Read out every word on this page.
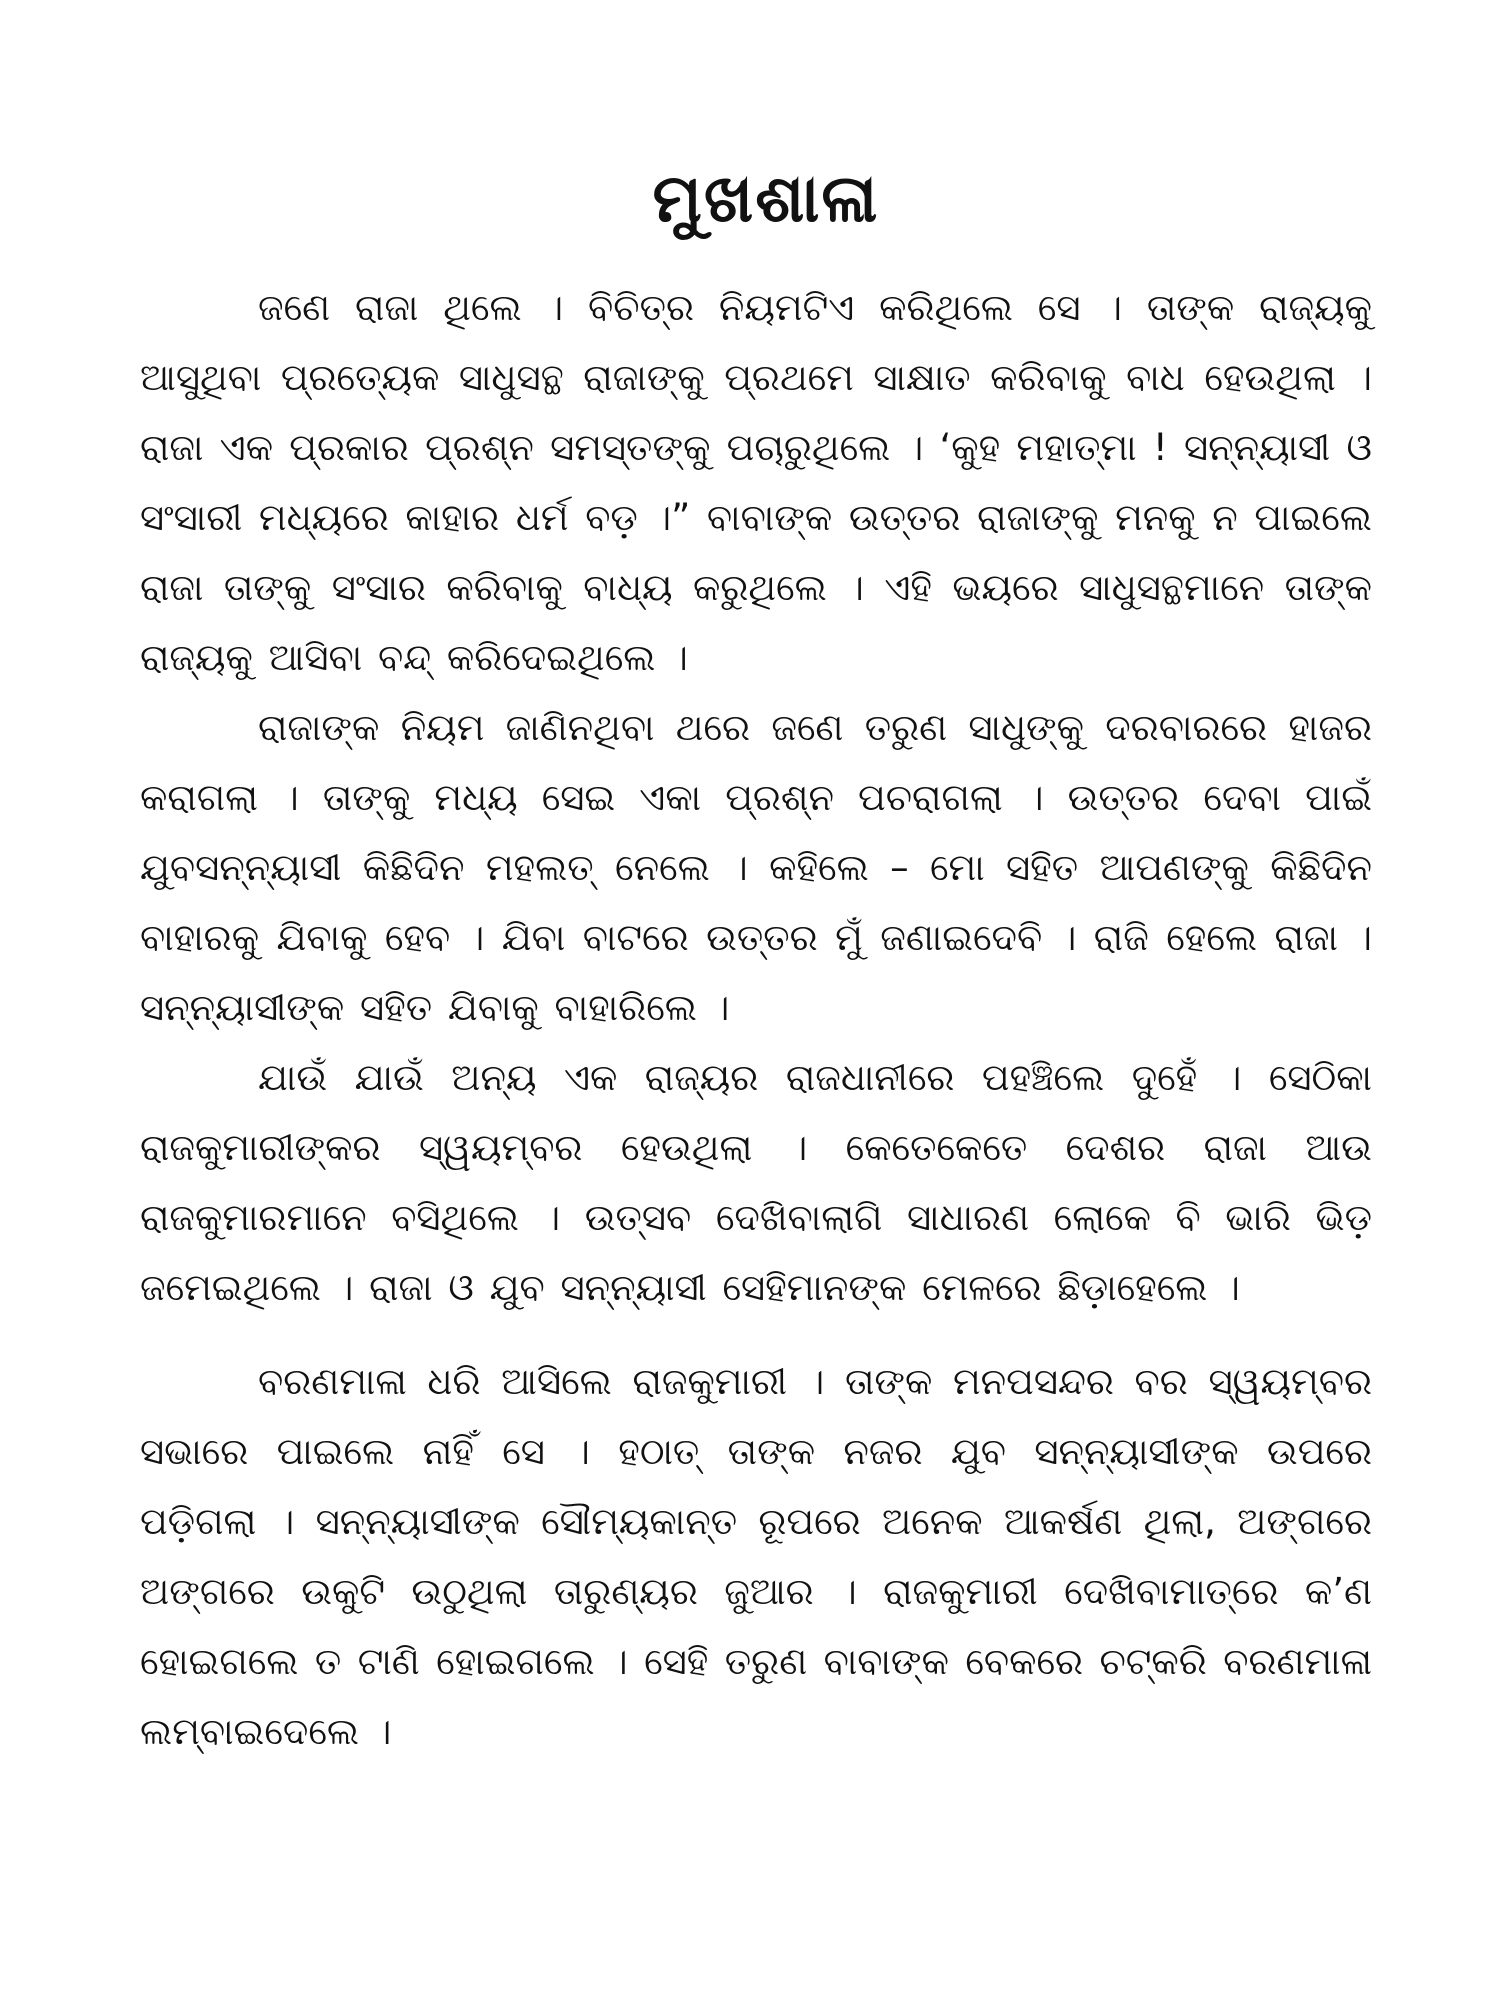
ମୁଖଶାଳା

ଜଣେ ରାଜା ଥିଲେ । ବିଚିତ୍ର ନିୟମଟିଏ କରିଥିଲେ ସେ । ତାଙ୍କ ରାଜ୍ୟକୁ ଆସୁଥିବା ପ୍ରତ୍ୟେକ ସାଧୁସନ୍ଥ ରାଜାଙ୍କୁ ପ୍ରଥମେ ସାକ୍ଷାତ କରିବାକୁ ବାଧ ହେଉଥିଲା । ରାଜା ଏକ ପ୍ରକାର ପ୍ରଶ୍ନ ସମସ୍ତଙ୍କୁ ପଚାରୁଥିଲେ । ‘କୁହ ମହାତ୍ମା ! ସନ୍ନ୍ୟାସୀ ଓ ସଂସାରୀ ମଧ୍ୟରେ କାହାର ଧର୍ମ ବଡ଼ ।” ବାବାଙ୍କ ଉତ୍ତର ରାଜାଙ୍କୁ ମନକୁ ନ ପାଇଲେ ରାଜା ତାଙ୍କୁ ସଂସାର କରିବାକୁ ବାଧ୍ୟ କରୁଥିଲେ । ଏହି ଭୟରେ ସାଧୁସନ୍ଥମାନେ ତାଙ୍କ ରାଜ୍ୟକୁ ଆସିବା ବନ୍ଦ୍ କରିଦେଇଥିଲେ ।

ରାଜାଙ୍କ ନିୟମ ଜାଣିନଥିବା ଥରେ ଜଣେ ତରୁଣ ସାଧୁଙ୍କୁ ଦରବାରରେ ହାଜର କରାଗଲା । ତାଙ୍କୁ ମଧ୍ୟ ସେଇ ଏକା ପ୍ରଶ୍ନ ପଚରାଗଲା । ଉତ୍ତର ଦେବା ପାଇଁ ଯୁବସନ୍ନ୍ୟାସୀ କିଛିଦିନ ମହଲତ୍ ନେଲେ । କହିଲେ – ମୋ ସହିତ ଆପଣଙ୍କୁ କିଛିଦିନ ବାହାରକୁ ଯିବାକୁ ହେବ । ଯିବା ବାଟରେ ଉତ୍ତର ମୁଁ ଜଣାଇଦେବି । ରାଜି ହେଲେ ରାଜା । ସନ୍ନ୍ୟାସୀଙ୍କ ସହିତ ଯିବାକୁ ବାହାରିଲେ ।

ଯାଉଁ ଯାଉଁ ଅନ୍ୟ ଏକ ରାଜ୍ୟର ରାଜଧାନୀରେ ପହଞ୍ଚିଲେ ଦୁହେଁ । ସେଠିକା ରାଜକୁମାରୀଙ୍କର ସ୍ୱୟମ୍ବର ହେଉଥିଲା । କେତେକେତେ ଦେଶର ରାଜା ଆଉ ରାଜକୁମାରମାନେ ବସିଥିଲେ । ଉତ୍ସବ ଦେଖିବାଲାଗି ସାଧାରଣ ଲୋକେ ବି ଭାରି ଭିଡ଼ ଜମେଇଥିଲେ । ରାଜା ଓ ଯୁବ ସନ୍ନ୍ୟାସୀ ସେହିମାନଙ୍କ ମେଳରେ ଛିଡ଼ାହେଲେ ।

ବରଣମାଳା ଧରି ଆସିଲେ ରାଜକୁମାରୀ । ତାଙ୍କ ମନପସନ୍ଦର ବର ସ୍ୱୟମ୍ବର ସଭାରେ ପାଇଲେ ନାହିଁ ସେ । ହଠାତ୍ ତାଙ୍କ ନଜର ଯୁବ ସନ୍ନ୍ୟାସୀଙ୍କ ଉପରେ ପଡ଼ିଗଲା । ସନ୍ନ୍ୟାସୀଙ୍କ ସୌମ୍ୟକାନ୍ତ ରୂପରେ ଅନେକ ଆକର୍ଷଣ ଥିଲା, ଅଙ୍ଗରେ ଅଙ୍ଗରେ ଉକୁଟି ଉଠୁଥିଲା ତାରୁଣ୍ୟର ଜୁଆର । ରାଜକୁମାରୀ ଦେଖିବାମାତ୍ରେ କ’ଣ ହୋଇଗଲେ ତ ଟାଣି ହୋଇଗଲେ । ସେହି ତରୁଣ ବାବାଙ୍କ ବେକରେ ଚଟ୍‌କରି ବରଣମାଳା ଲମ୍ବାଇଦେଲେ ।
